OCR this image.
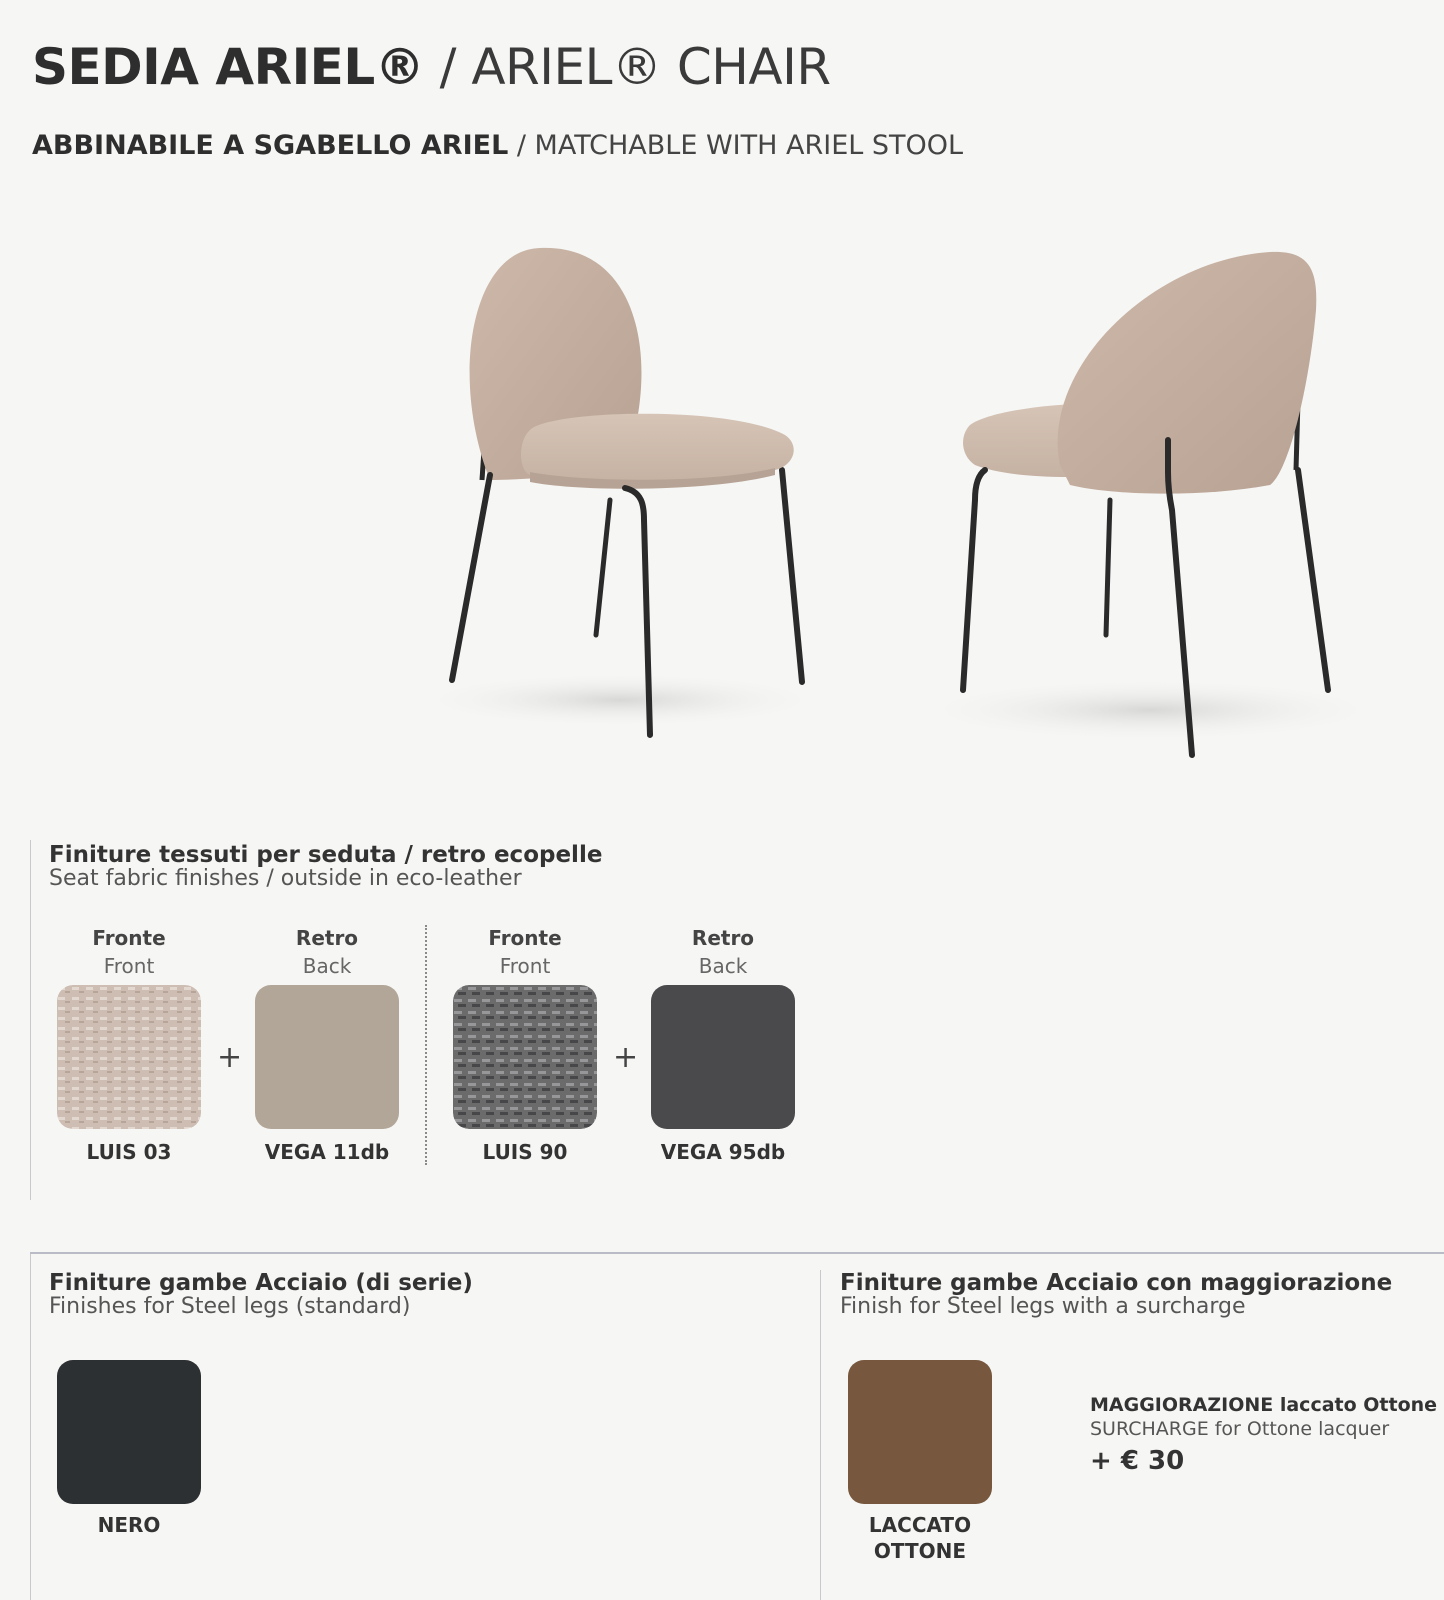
SEDIA ARIEL® / ARIEL® CHAIR
ABBINABILE A SGABELLO ARIEL / MATCHABLE WITH ARIEL STOOL
Finiture tessuti per seduta / retro ecopelle
Seat fabric finishes / outside in eco-leather
Fronte
Front
Retro
Back
Fronte
Front
Retro
Back
+	+
LUIS 03	VEGA 11db	LUIS 90	VEGA 95db
Finiture gambe Acciaio (di serie)
Finishes for Steel legs (standard)
NERO
Finiture gambe Acciaio con maggiorazione
Finish for Steel legs with a surcharge
LACCATO
OTTONE
MAGGIORAZIONE laccato Ottone
SURCHARGE for Ottone lacquer
+ € 30
